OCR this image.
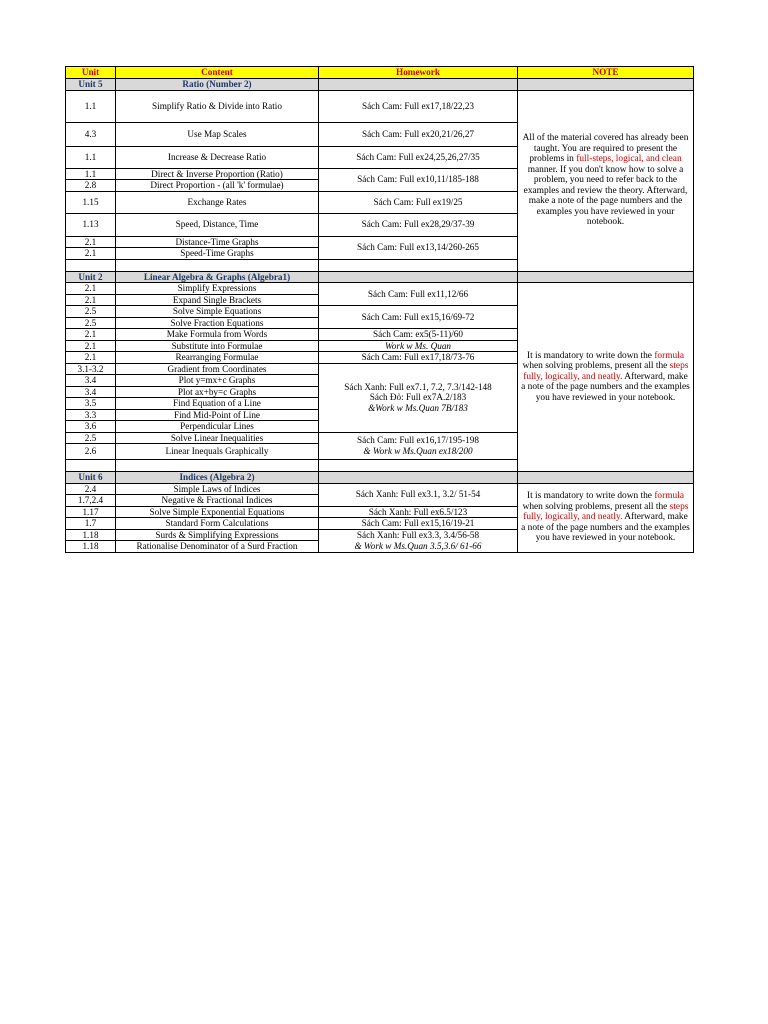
Unit	Content	Homework	NOTE
Unit 5	Ratio (Number 2)		
1.1	Simplify Ratio & Divide into Ratio	Sách Cam: Full ex17,18/22,23	All of the material covered has already been taught. You are required to present the problems in full-steps, logical, and clean manner. If you don't know how to solve a problem, you need to refer back to the examples and review the theory. Afterward, make a note of the page numbers and the examples you have reviewed in your notebook.
4.3	Use Map Scales	Sách Cam: Full ex20,21/26,27	
1.1	Increase & Decrease Ratio	Sách Cam: Full ex24,25,26,27/35	
1.1	Direct & Inverse Proportion (Ratio)	Sách Cam: Full ex10,11/185-188	
2.8	Direct Proportion - (all 'k' formulae)		
1.15	Exchange Rates	Sách Cam: Full ex19/25	
1.13	Speed, Distance, Time	Sách Cam: Full ex28,29/37-39	
2.1	Distance-Time Graphs	Sách Cam: Full ex13,14/260-265	
2.1	Speed-Time Graphs		

Unit 2	Linear Algebra & Graphs (Algebra1)		
2.1	Simplify Expressions	Sách Cam: Full ex11,12/66	It is mandatory to write down the formula when solving problems, present all the steps fully, logically, and neatly. Afterward, make a note of the page numbers and the examples you have reviewed in your notebook.
2.1	Expand Single Brackets		
2.5	Solve Simple Equations	Sách Cam: Full ex15,16/69-72	
2.5	Solve Fraction Equations		
2.1	Make Formula from Words	Sách Cam: ex5(5-11)/60	
2.1	Substitute into Formulae	Work w Ms. Quan	
2.1	Rearranging Formulae	Sách Cam: Full ex17,18/73-76	
3.1-3.2	Gradient from Coordinates	Sách Xanh: Full ex7.1, 7.2, 7.3/142-148
Sách Đỏ: Full ex7A.2/183
&Work w Ms.Quan 7B/183	

3.4	Plot y=mx+c Graphs		
3.4	Plot ax+by=c Graphs		
3.5	Find Equation of a Line		
3.3	Find Mid-Point of Line		
3.6	Perpendicular Lines		
2.5	Solve Linear Inequalities	Sách Cam: Full ex16,17/195-198
& Work w Ms.Quan ex18/200	

2.6	Linear Inequals Graphically		

Unit 6	Indices (Algebra 2)		
2.4	Simple Laws of Indices	Sách Xanh: Full ex3.1, 3.2/ 51-54	It is mandatory to write down the formula when solving problems, present all the steps fully, logically, and neatly. Afterward, make a note of the page numbers and the examples you have reviewed in your notebook.
1.7,2.4	Negative & Fractional Indices		
1.17	Solve Simple Exponential Equations	Sách Xanh: Full ex6.5/123	
1.7	Standard Form Calculations	Sách Cam: Full ex15,16/19-21	
1.18	Surds & Simplifying Expressions	Sách Xanh: Full ex3.3, 3.4/56-58
& Work w Ms.Quan 3.5,3.6/ 61-66	

1.18	Rationalise Denominator of a Surd Fraction		
